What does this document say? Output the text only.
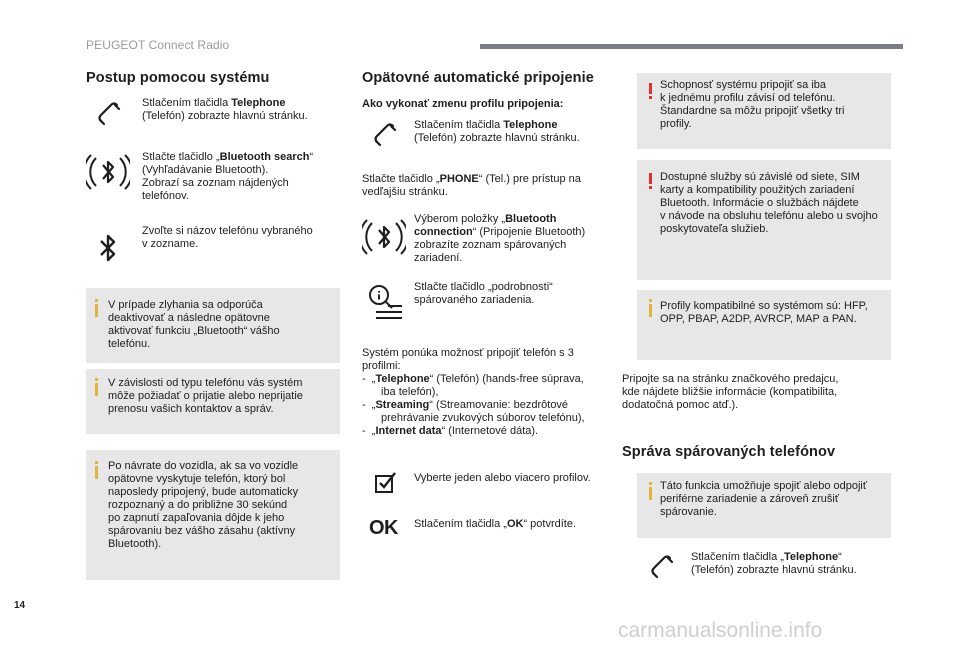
PEUGEOT Connect Radio
Postup pomocou systému
Stlačením tlačidla Telephone
(Telefón) zobrazte hlavnú stránku.
Stlačte tlačidlo „Bluetooth search“
(Vyhľadávanie Bluetooth).
Zobrazí sa zoznam nájdených
telefónov.
Zvoľte si názov telefónu vybraného
v zozname.
V prípade zlyhania sa odporúča
deaktivovať a následne opätovne
aktivovať funkciu „Bluetooth“ vášho
telefónu.
V závislosti od typu telefónu vás systém
môže požiadať o prijatie alebo neprijatie
prenosu vašich kontaktov a správ.
Po návrate do vozidla, ak sa vo vozidle
opätovne vyskytuje telefón, ktorý bol
naposledy pripojený, bude automaticky
rozpoznaný a do približne 30 sekúnd
po zapnutí zapaľovania dôjde k jeho
spárovaniu bez vášho zásahu (aktívny
Bluetooth).
Opätovné automatické pripojenie
Ako vykonať zmenu profilu pripojenia:
Stlačením tlačidla Telephone
(Telefón) zobrazte hlavnú stránku.
Stlačte tlačidlo „PHONE“ (Tel.) pre prístup na
vedľajšiu stránku.
Výberom položky „Bluetooth
connection“ (Pripojenie Bluetooth)
zobrazíte zoznam spárovaných
zariadení.
Stlačte tlačidlo „podrobnosti“
spárovaného zariadenia.
Systém ponúka možnosť pripojiť telefón s 3
profilmi:
- „Telephone“ (Telefón) (hands-free súprava,
iba telefón),
- „Streaming“ (Streamovanie: bezdrôtové
prehrávanie zvukových súborov telefónu),
- „Internet data“ (Internetové dáta).
Vyberte jeden alebo viacero profilov.
OK Stlačením tlačidla „OK“ potvrdíte.
Schopnosť systému pripojiť sa iba
k jednému profilu závisí od telefónu.
Štandardne sa môžu pripojiť všetky tri
profily.
Dostupné služby sú závislé od siete, SIM
karty a kompatibility použitých zariadení
Bluetooth. Informácie o službách nájdete
v návode na obsluhu telefónu alebo u svojho
poskytovateľa služieb.
Profily kompatibilné so systémom sú: HFP,
OPP, PBAP, A2DP, AVRCP, MAP a PAN.
Pripojte sa na stránku značkového predajcu,
kde nájdete bližšie informácie (kompatibilita,
dodatočná pomoc atď.).
Správa spárovaných telefónov
Táto funkcia umožňuje spojiť alebo odpojiť
periférne zariadenie a zároveň zrušiť
spárovanie.
Stlačením tlačidla „Telephone“
(Telefón) zobrazte hlavnú stránku.
14
carmanualsonline.info
